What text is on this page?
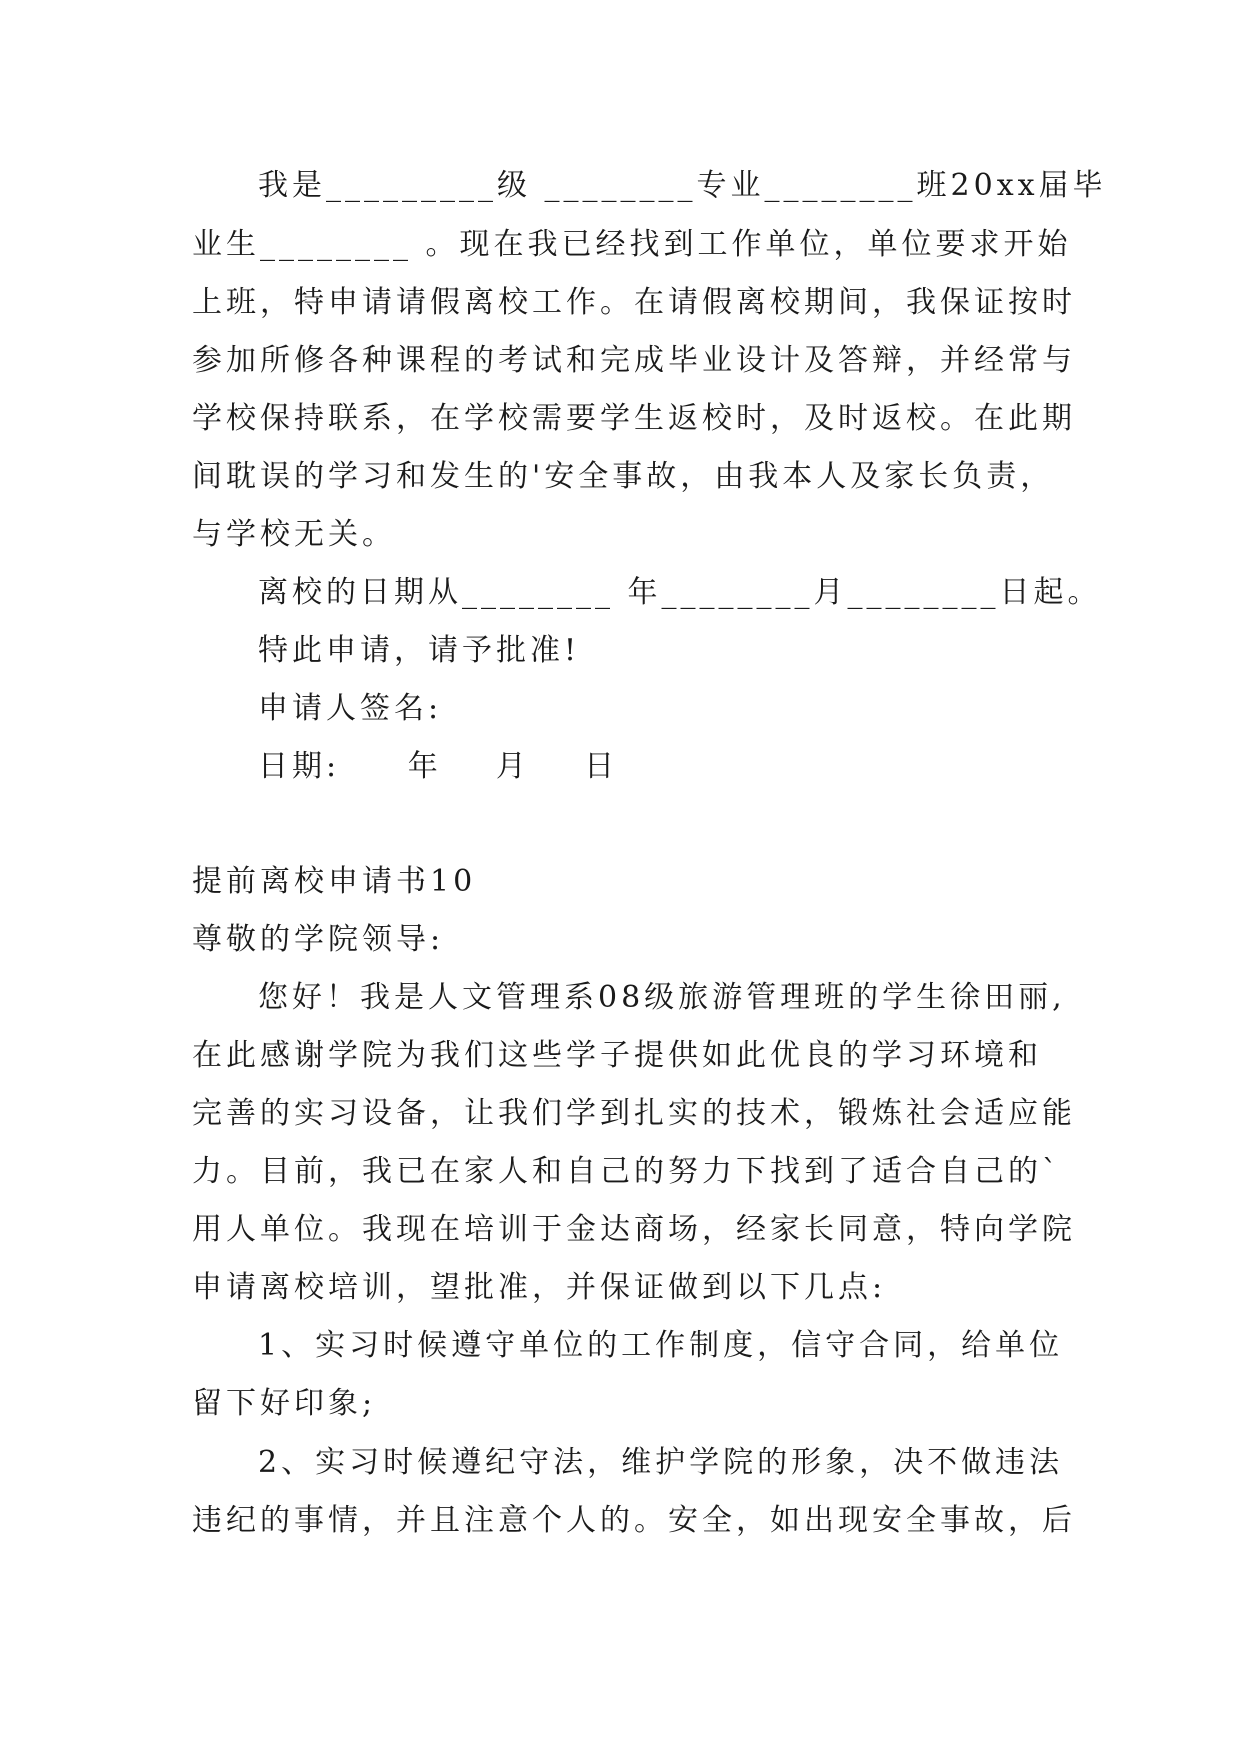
我是_________级 ________专业________班20xx届毕
业生________ 。现在我已经找到工作单位，单位要求开始
上班，特申请请假离校工作。在请假离校期间，我保证按时
参加所修各种课程的考试和完成毕业设计及答辩，并经常与
学校保持联系，在学校需要学生返校时，及时返校。在此期
间耽误的学习和发生的'安全事故，由我本人及家长负责，
与学校无关。
离校的日期从________ 年________月________日起。
特此申请，请予批准!
申请人签名:
日期:     年    月    日
提前离校申请书10
尊敬的学院领导:
您好！我是人文管理系08级旅游管理班的学生徐田丽,
在此感谢学院为我们这些学子提供如此优良的学习环境和
完善的实习设备，让我们学到扎实的技术，锻炼社会适应能
力。目前，我已在家人和自己的努力下找到了适合自己的`
用人单位。我现在培训于金达商场，经家长同意，特向学院
申请离校培训，望批准，并保证做到以下几点:
1、实习时候遵守单位的工作制度，信守合同，给单位
留下好印象;
2、实习时候遵纪守法，维护学院的形象，决不做违法
违纪的事情，并且注意个人的。安全，如出现安全事故，后
